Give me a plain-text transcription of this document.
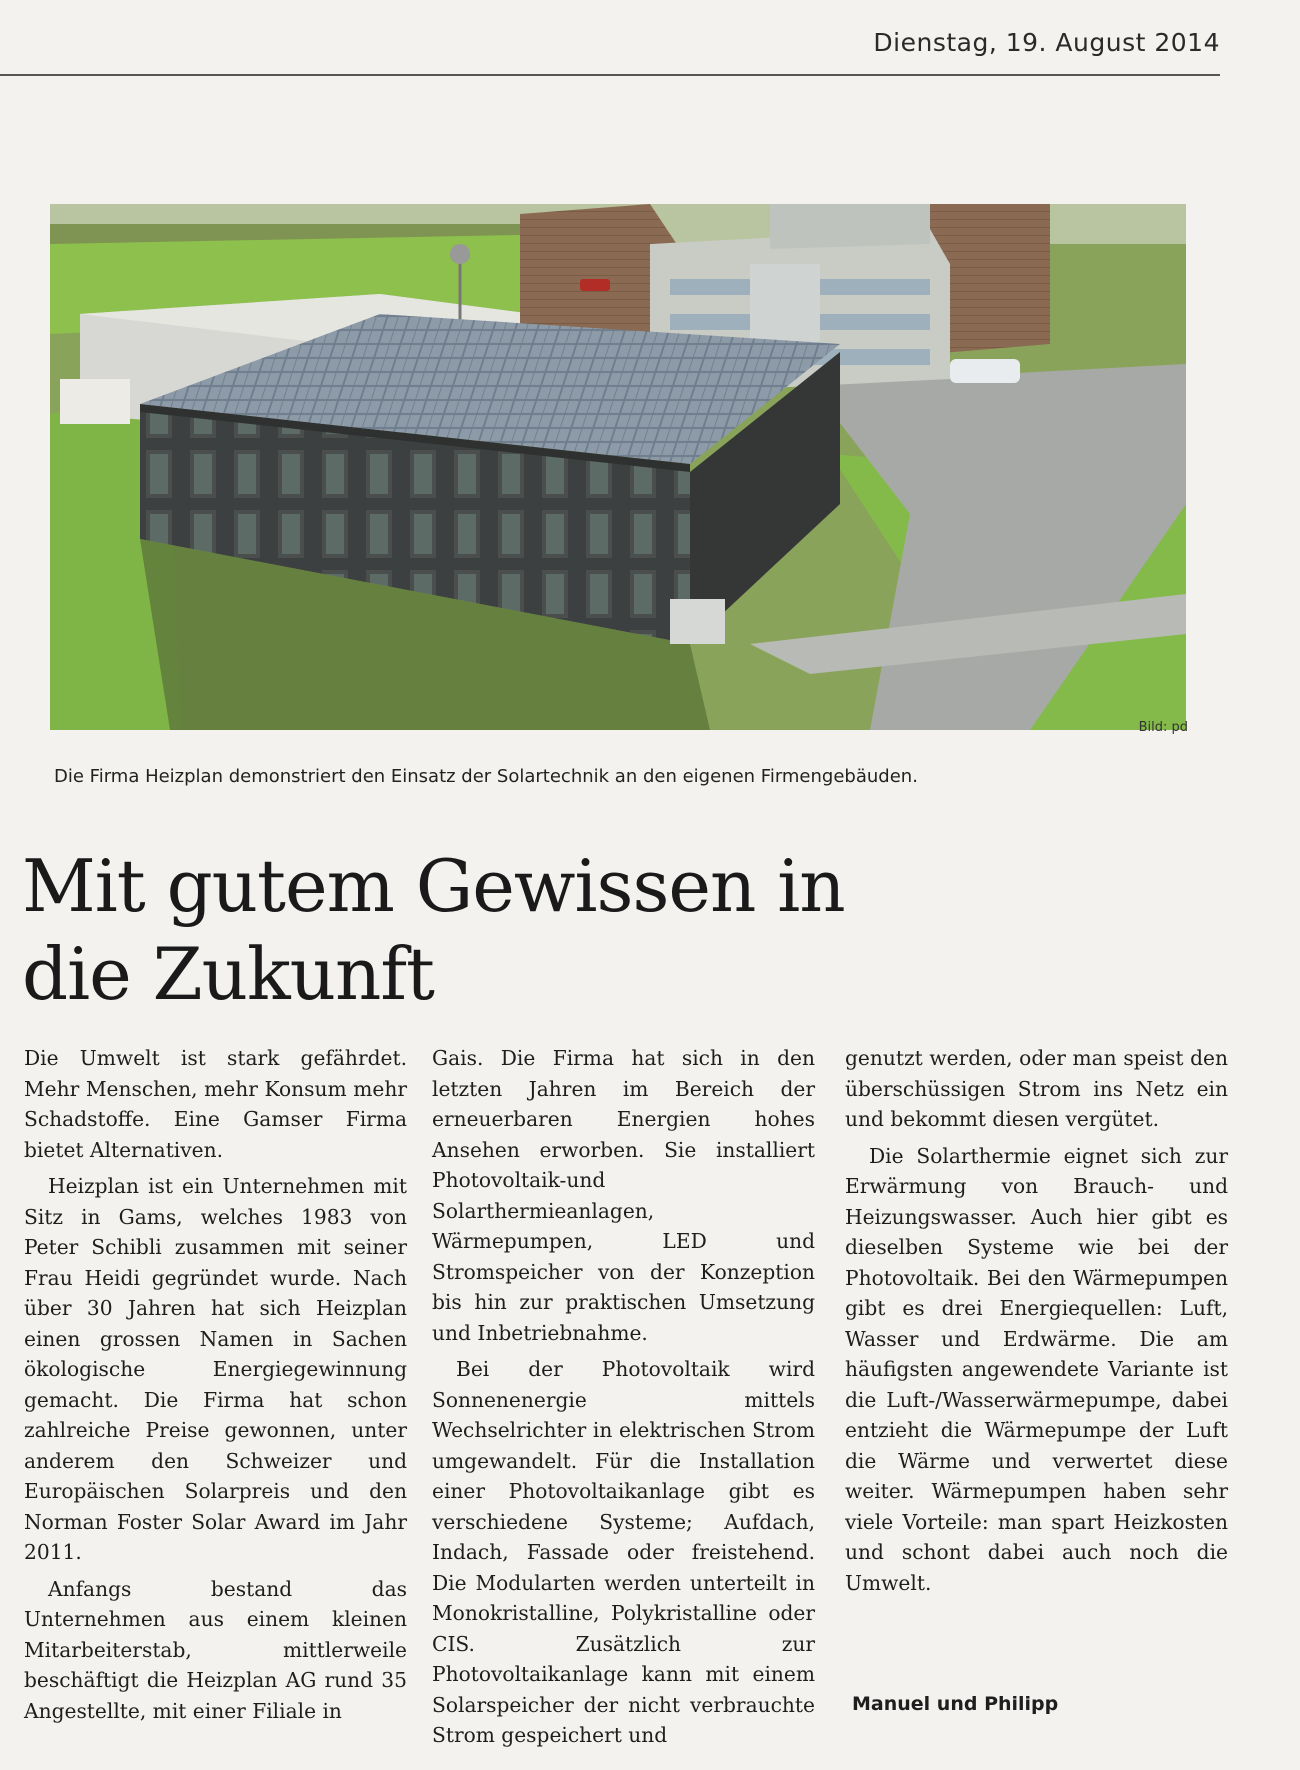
Dienstag, 19. August 2014
Bild: pd
Die Firma Heizplan demonstriert den Einsatz der Solartechnik an den eigenen Firmengebäuden.
Mit gutem Gewissen in
die Zukunft

Die Umwelt ist stark gefährdet. Mehr Menschen, mehr Konsum mehr Schadstoffe. Eine Gamser Firma bietet Alternativen.

Heizplan ist ein Unternehmen mit Sitz in Gams, welches 1983 von Peter Schibli zusammen mit seiner Frau Heidi gegründet wurde. Nach über 30 Jahren hat sich Heizplan einen grossen Namen in Sachen ökologische Energiegewinnung gemacht. Die Firma hat schon zahlreiche Preise gewonnen, unter anderem den Schweizer und Europäischen Solarpreis und den Norman Foster Solar Award im Jahr 2011.

Anfangs bestand das Unternehmen aus einem kleinen Mitarbeiterstab, mittlerweile beschäftigt die Heizplan AG rund 35 Angestellte, mit einer Filiale in

Gais. Die Firma hat sich in den letzten Jahren im Bereich der erneuerbaren Energien hohes Ansehen erworben. Sie installiert Photovoltaik-und Solarthermieanlagen, Wärmepumpen, LED und Stromspeicher von der Konzeption bis hin zur praktischen Umsetzung und Inbetriebnahme.

Bei der Photovoltaik wird Sonnenenergie mittels Wechselrichter in elektrischen Strom umgewandelt. Für die Installation einer Photovoltaikanlage gibt es verschiedene Systeme; Aufdach, Indach, Fassade oder freistehend. Die Modularten werden unterteilt in Monokristalline, Polykristalline oder CIS. Zusätzlich zur Photovoltaikanlage kann mit einem Solarspeicher der nicht verbrauchte Strom gespeichert und

genutzt werden, oder man speist den überschüssigen Strom ins Netz ein und bekommt diesen vergütet.

Die Solarthermie eignet sich zur Erwärmung von Brauch- und Heizungswasser. Auch hier gibt es dieselben Systeme wie bei der Photovoltaik. Bei den Wärmepumpen gibt es drei Energiequellen: Luft, Wasser und Erdwärme. Die am häufigsten angewendete Variante ist die Luft-/Wasserwärmepumpe, dabei entzieht die Wärmepumpe der Luft die Wärme und verwertet diese weiter. Wärmepumpen haben sehr viele Vorteile: man spart Heizkosten und schont dabei auch noch die Umwelt.

Manuel und Philipp
